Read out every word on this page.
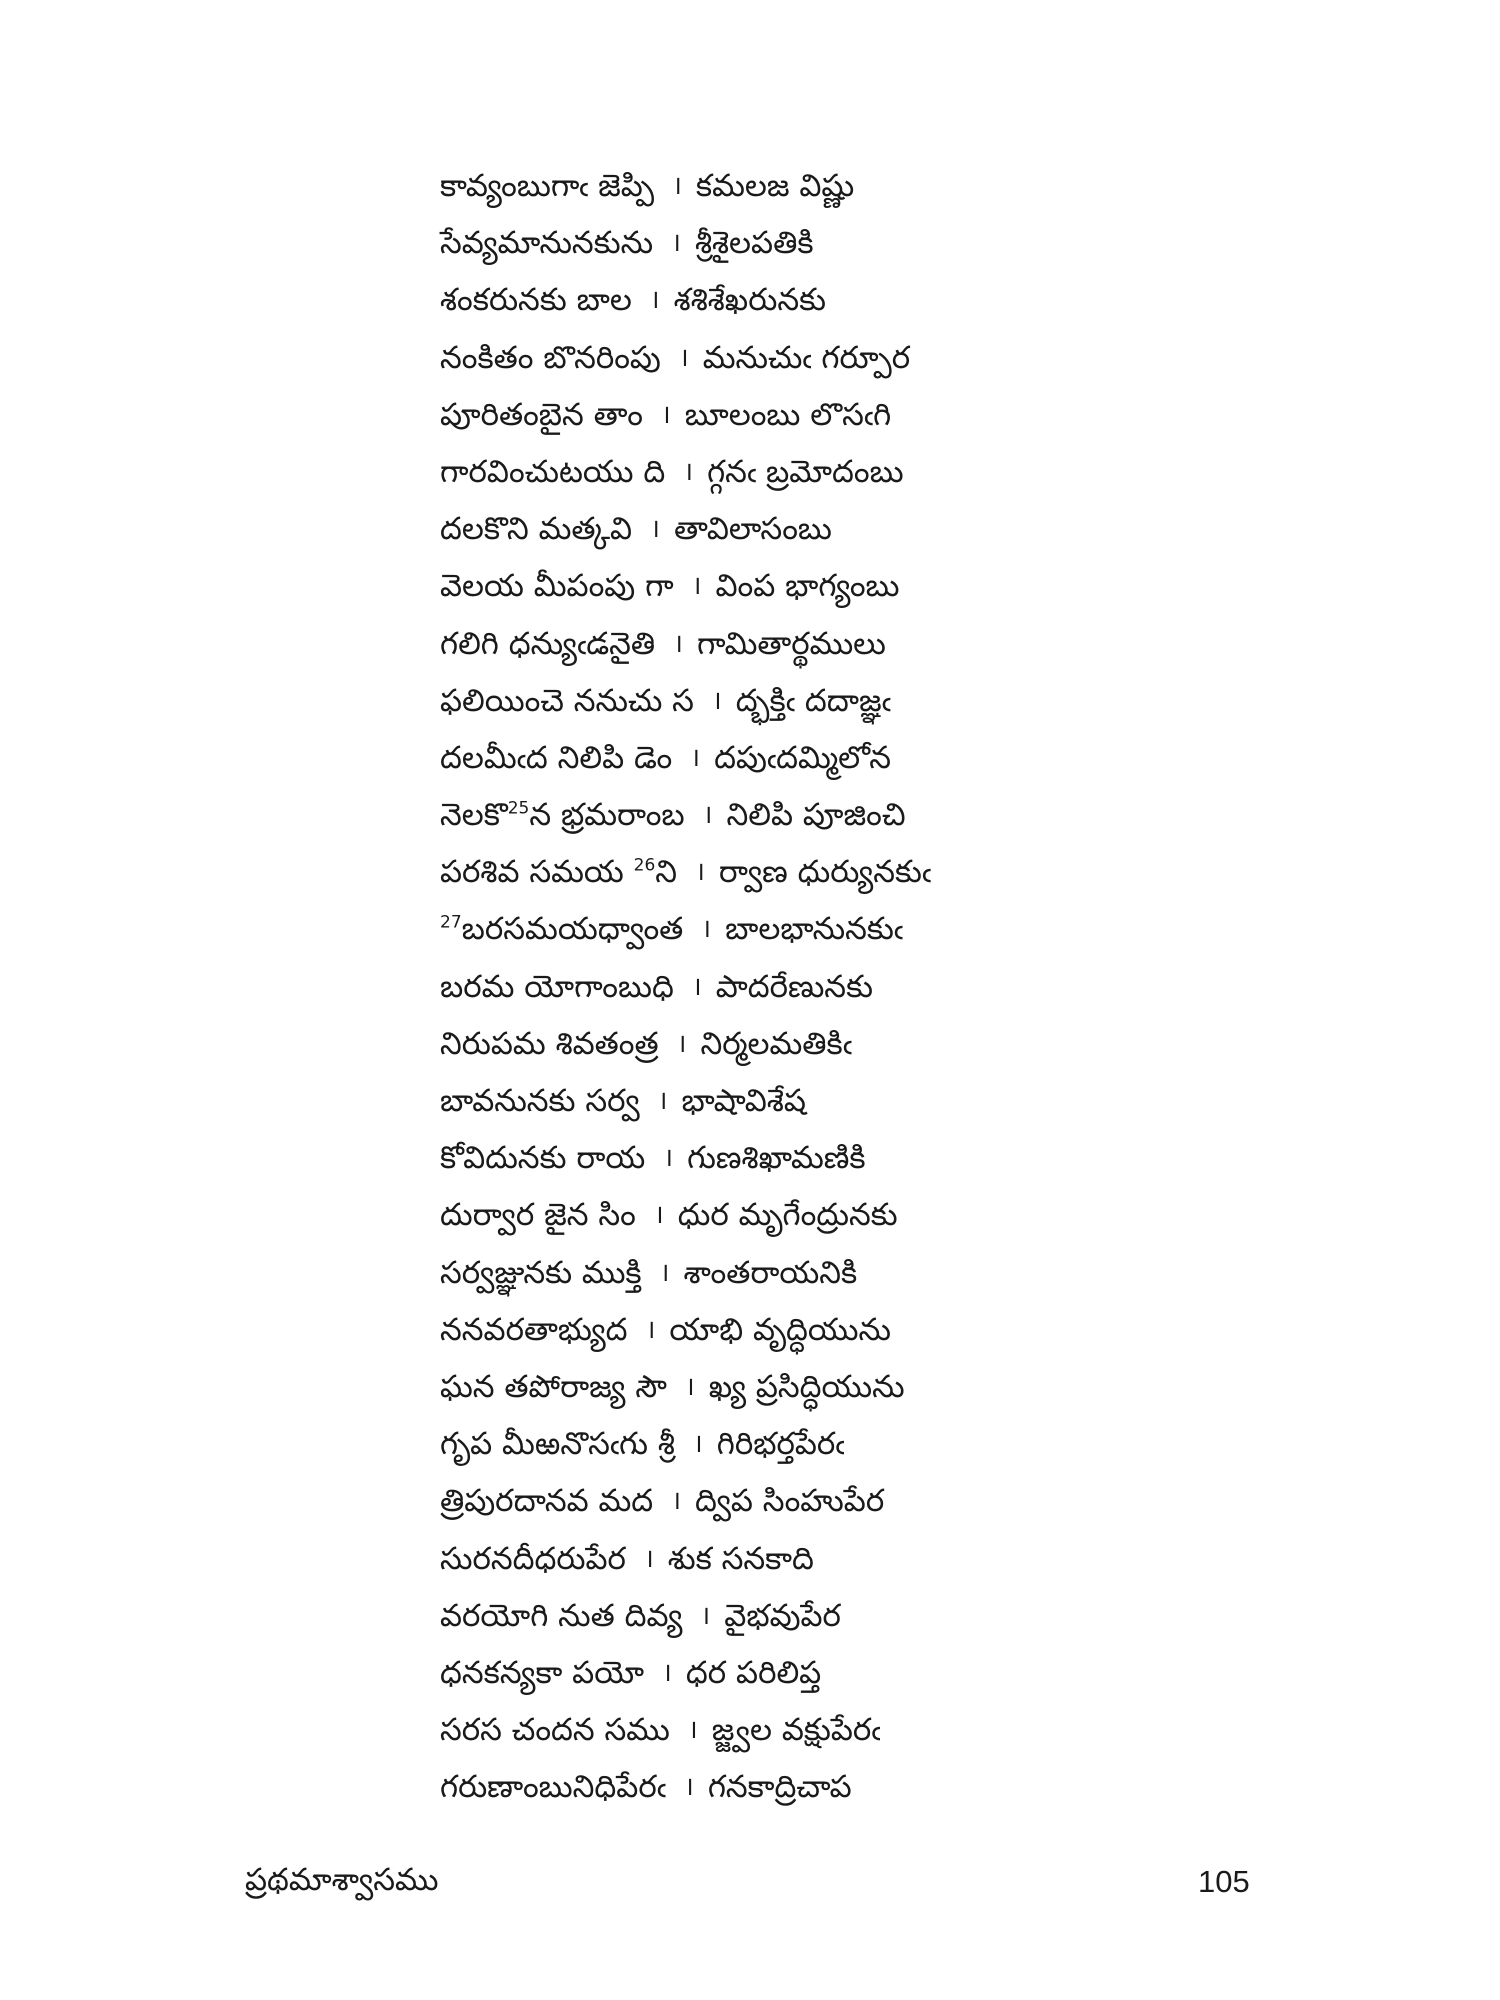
కావ్యంబుగాఁ జెప్పి । కమలజ విష్ణు
సేవ్యమానునకును । శ్రీశైలపతికి
శంకరునకు బాల । శశిశేఖరునకు
నంకితం బొనరింపు । మనుచుఁ గర్పూర
పూరితంబైన తాం । బూలంబు లొసఁగి
గారవించుటయు ది । గ్గనఁ బ్రమోదంబు
దలకొని మత్కవి । తావిలాసంబు
వెలయ మీపంపు గా । వింప భాగ్యంబు
గలిగి ధన్యుఁడనైతి । గామితార్థములు
ఫలియించె ననుచు స । ద్భక్తిఁ దదాజ్ఞఁ
దలమీఁద నిలిపి డెం । దపుఁదమ్మిలోన
నెలకొ$^{25}$న భ్రమరాంబ । నిలిపి పూజించి
పరశివ సమయ $^{26}$ని । ర్వాణ ధుర్యునకుఁ
$^{27}$బరసమయధ్వాంత । బాలభానునకుఁ
బరమ యోగాంబుధి । పాదరేణునకు
నిరుపమ శివతంత్ర । నిర్మలమతికిఁ
బావనునకు సర్వ । భాషావిశేష
కోవిదునకు రాయ । గుణశిఖామణికి
దుర్వార జైన సిం । ధుర మృగేంద్రునకు
సర్వజ్ఞునకు ముక్తి । శాంతరాయనికి
ననవరతాభ్యుద । యాభి వృద్ధియును
ఘన తపోరాజ్య సౌ । ఖ్య ప్రసిద్ధియును
గృప మీఱనొసఁగు శ్రీ । గిరిభర్తపేరఁ
త్రిపురదానవ మద । ద్విప సింహుపేర
సురనదీధరుపేర । శుక సనకాది
వరయోగి నుత దివ్య । వైభవుపేర
ధనకన్యకా పయో । ధర పరిలిప్త
సరస చందన సము । జ్జ్వల వక్షుపేరఁ
గరుణాంబునిధిపేరఁ । గనకాద్రిచాప
ప్రథమాశ్వాసము	105
